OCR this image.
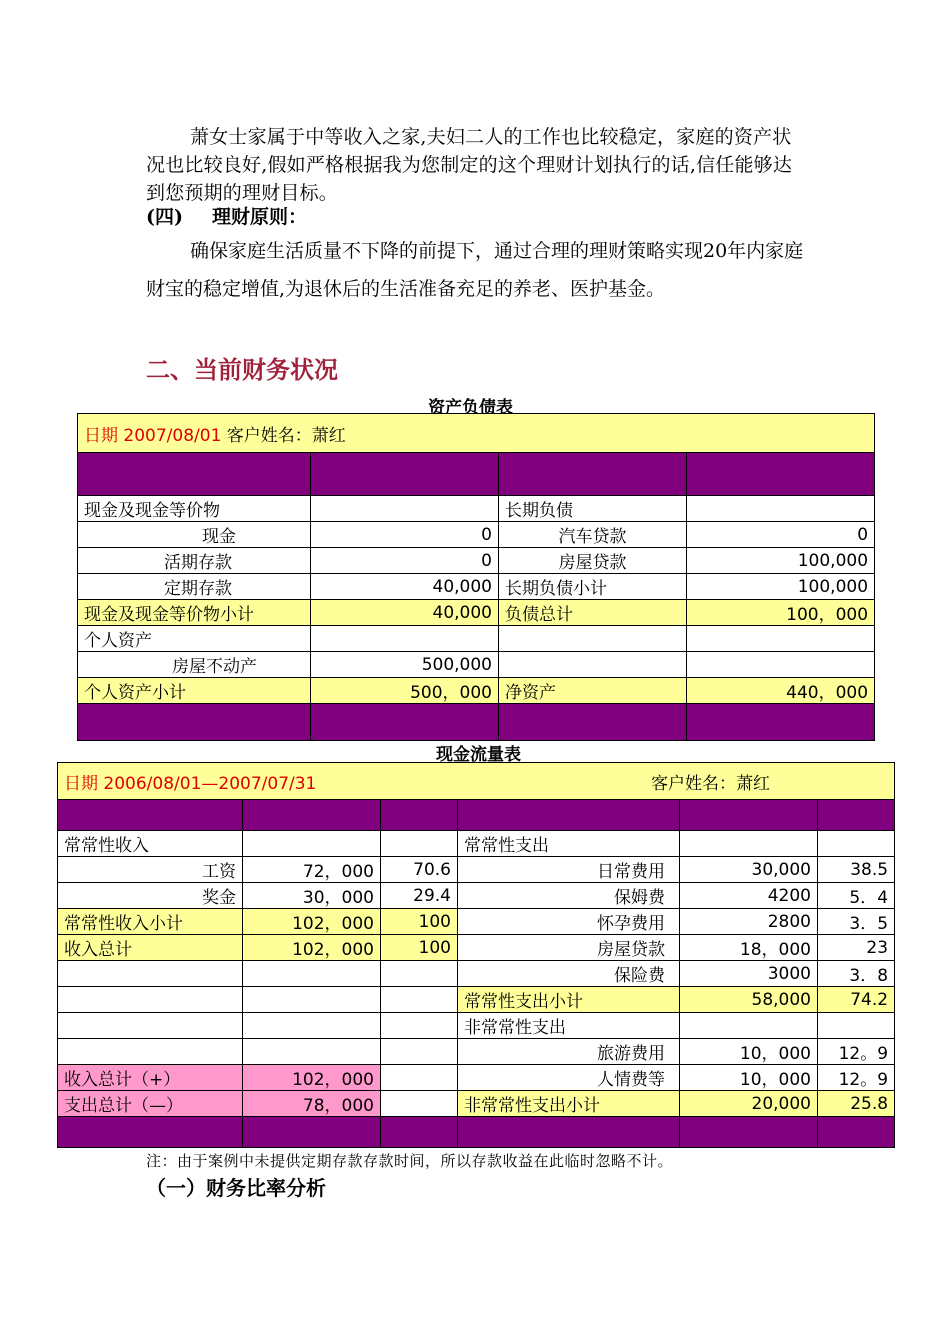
萧女士家属于中等收入之家,夫妇二人的工作也比较稳定，家庭的资产状况也比较良好,假如严格根据我为您制定的这个理财计划执行的话,信任能够达到您预期的理财目标。
(四) 理财原则：
确保家庭生活质量不下降的前提下，通过合理的理财策略实现20年内家庭财宝的稳定增值,为退休后的生活准备充足的养老、医护基金。
二、当前财务状况
资产负债表
日期 2007/08/01 客户姓名：萧红			

现金及现金等价物		长期负债	
现金	0	汽车贷款	0
活期存款	0	房屋贷款	100,000
定期存款	40,000	长期负债小计	100,000
现金及现金等价物小计	40,000	负债总计	100，000
个人资产			
房屋不动产	500,000		
个人资产小计	500，000	净资产	440，000

现金流量表
日期 2006/08/01—2007/07/31 客户姓名：萧红					

常常性收入			常常性支出		
工资	72，000	70.6	日常费用	30,000	38.5
奖金	30，000	29.4	保姆费	4200	5．4
常常性收入小计	102，000	100	怀孕费用	2800	3．5
收入总计	102，000	100	房屋贷款	18，000	23
			保险费	3000	3．8
			常常性支出小计	58,000	74.2
			非常常性支出		
			旅游费用	10，000	12。9
收入总计（+）	102，000		人情费等	10，000	12。9
支出总计（—）	78，000		非常常性支出小计	20,000	25.8

注：由于案例中未提供定期存款存款时间，所以存款收益在此临时忽略不计。
（一）财务比率分析
